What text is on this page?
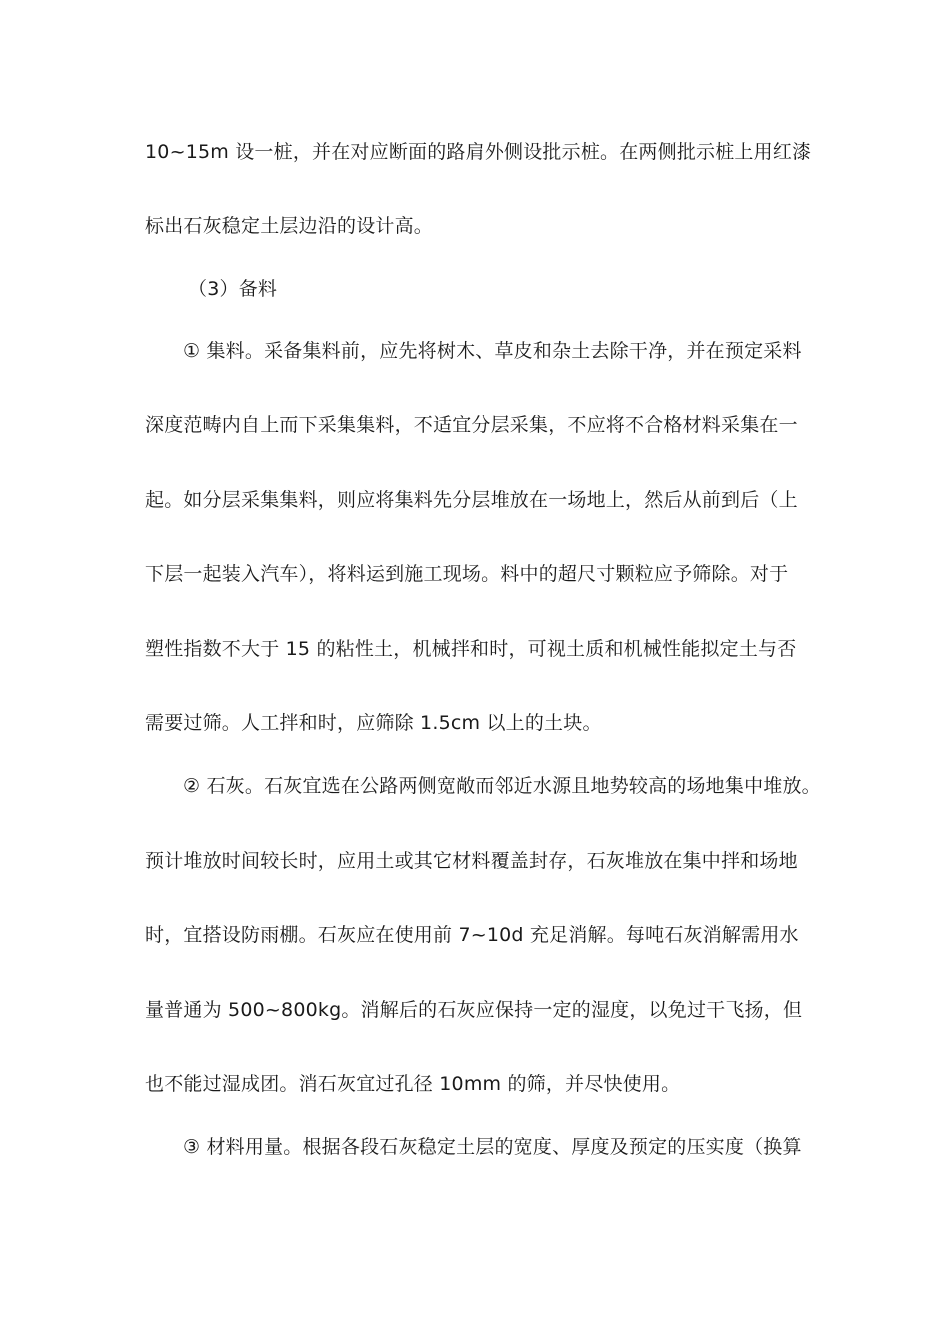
10~15m 设一桩，并在对应断面的路肩外侧设批示桩。在两侧批示桩上用红漆
标出石灰稳定土层边沿的设计高。
（3）备料
① 集料。采备集料前，应先将树木、草皮和杂土去除干净，并在预定采料
深度范畴内自上而下采集集料，不适宜分层采集，不应将不合格材料采集在一
起。如分层采集集料，则应将集料先分层堆放在一场地上，然后从前到后（上
下层一起装入汽车），将料运到施工现场。料中的超尺寸颗粒应予筛除。对于
塑性指数不大于 15 的粘性土，机械拌和时，可视土质和机械性能拟定土与否
需要过筛。人工拌和时，应筛除 1.5cm 以上的土块。
② 石灰。石灰宜选在公路两侧宽敞而邻近水源且地势较高的场地集中堆放。
预计堆放时间较长时，应用土或其它材料覆盖封存，石灰堆放在集中拌和场地
时，宜搭设防雨棚。石灰应在使用前 7~10d 充足消解。每吨石灰消解需用水
量普通为 500~800kg。消解后的石灰应保持一定的湿度，以免过干飞扬，但
也不能过湿成团。消石灰宜过孔径 10mm 的筛，并尽快使用。
③ 材料用量。根据各段石灰稳定土层的宽度、厚度及预定的压实度（换算
